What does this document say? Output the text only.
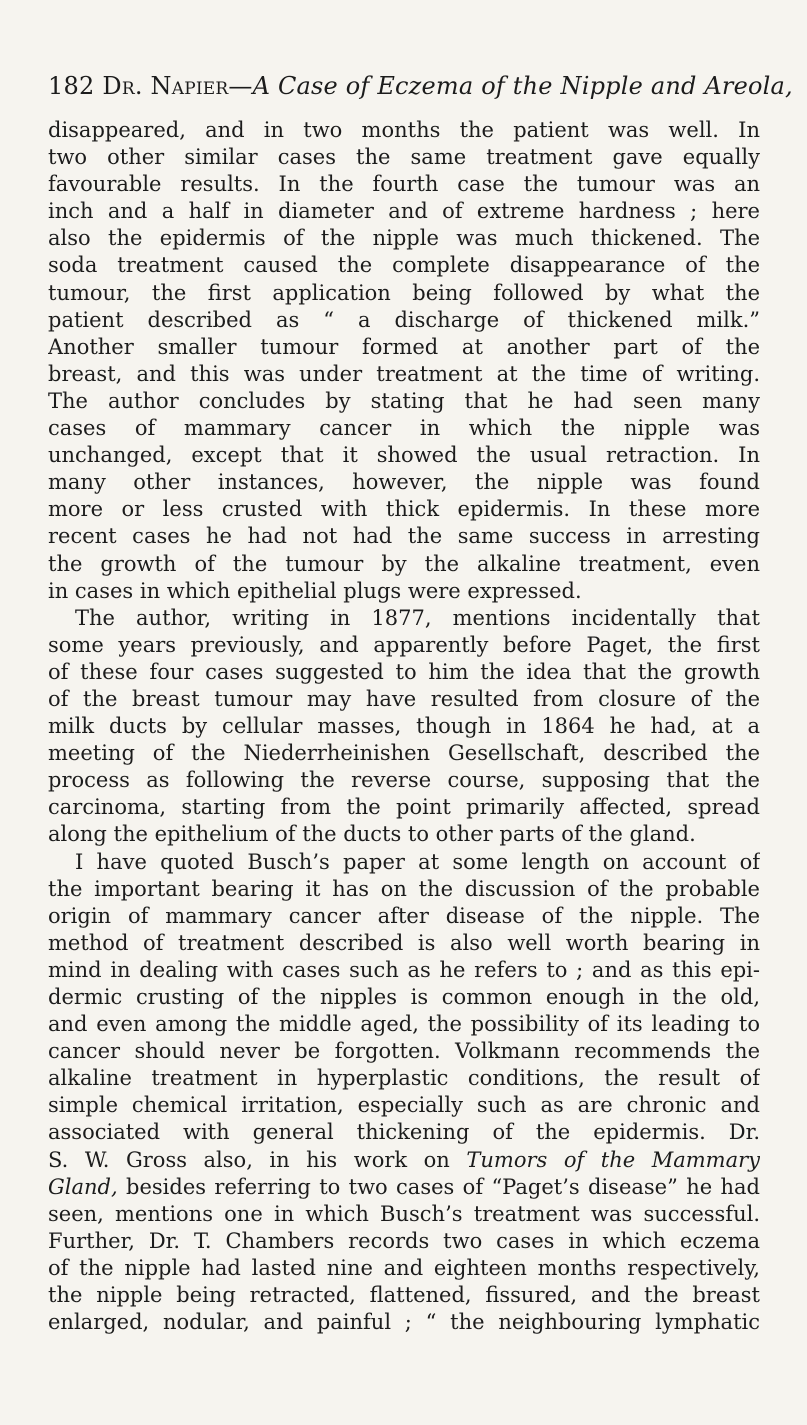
182 Dr. Napier—A Case of Eczema of the Nipple and Areola,
disappeared, and in two months the patient was well. In
two other similar cases the same treatment gave equally
favourable results. In the fourth case the tumour was an
inch and a half in diameter and of extreme hardness ; here
also the epidermis of the nipple was much thickened. The
soda treatment caused the complete disappearance of the
tumour, the first application being followed by what the
patient described as “ a discharge of thickened milk.”
Another smaller tumour formed at another part of the
breast, and this was under treatment at the time of writing.
The author concludes by stating that he had seen many
cases of mammary cancer in which the nipple was
unchanged, except that it showed the usual retraction. In
many other instances, however, the nipple was found
more or less crusted with thick epidermis. In these more
recent cases he had not had the same success in arresting
the growth of the tumour by the alkaline treatment, even
in cases in which epithelial plugs were expressed.
The author, writing in 1877, mentions incidentally that
some years previously, and apparently before Paget, the first
of these four cases suggested to him the idea that the growth
of the breast tumour may have resulted from closure of the
milk ducts by cellular masses, though in 1864 he had, at a
meeting of the Niederrheinishen Gesellschaft, described the
process as following the reverse course, supposing that the
carcinoma, starting from the point primarily affected, spread
along the epithelium of the ducts to other parts of the gland.
I have quoted Busch’s paper at some length on account of
the important bearing it has on the discussion of the probable
origin of mammary cancer after disease of the nipple. The
method of treatment described is also well worth bearing in
mind in dealing with cases such as he refers to ; and as this epi-
dermic crusting of the nipples is common enough in the old,
and even among the middle aged, the possibility of its leading to
cancer should never be forgotten. Volkmann recommends the
alkaline treatment in hyperplastic conditions, the result of
simple chemical irritation, especially such as are chronic and
associated with general thickening of the epidermis. Dr.
S. W. Gross also, in his work on Tumors of the Mammary
Gland, besides referring to two cases of “Paget’s disease” he had
seen, mentions one in which Busch’s treatment was successful.
Further, Dr. T. Chambers records two cases in which eczema
of the nipple had lasted nine and eighteen months respectively,
the nipple being retracted, flattened, fissured, and the breast
enlarged, nodular, and painful ; “ the neighbouring lymphatic
